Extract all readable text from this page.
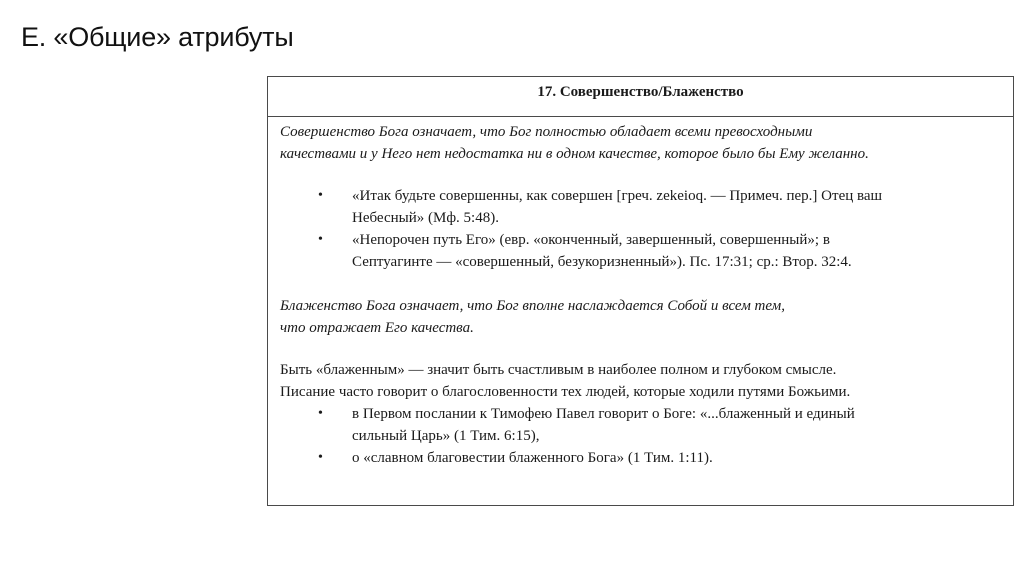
Е. «Общие» атрибуты
17. Совершенство/Блаженство

Совершенство Бога означает, что Бог полностью обладает всеми превосходными
качествами и у Него нет недостатка ни в одном качестве, которое было бы Ему желанно.

• «Итак будьте совершенны, как совершен [греч. zekeioq. — Примеч. пер.] Отец ваш
Небесный» (Мф. 5:48).
• «Непорочен путь Его» (евр. «оконченный, завершенный, совершенный»; в
Септуагинте — «совершенный, безукоризненный»). Пс. 17:31; ср.: Втор. 32:4.

Блаженство Бога означает, что Бог вполне наслаждается Собой и всем тем,
что отражает Его качества.

Быть «блаженным» — значит быть счастливым в наиболее полном и глубоком смысле.
Писание часто говорит о благословенности тех людей, которые ходили путями Божьими.

• в Первом послании к Тимофею Павел говорит о Боге: «...блаженный и единый
сильный Царь» (1 Тим. 6:15),
• о «славном благовестии блаженного Бога» (1 Тим. 1:11).
